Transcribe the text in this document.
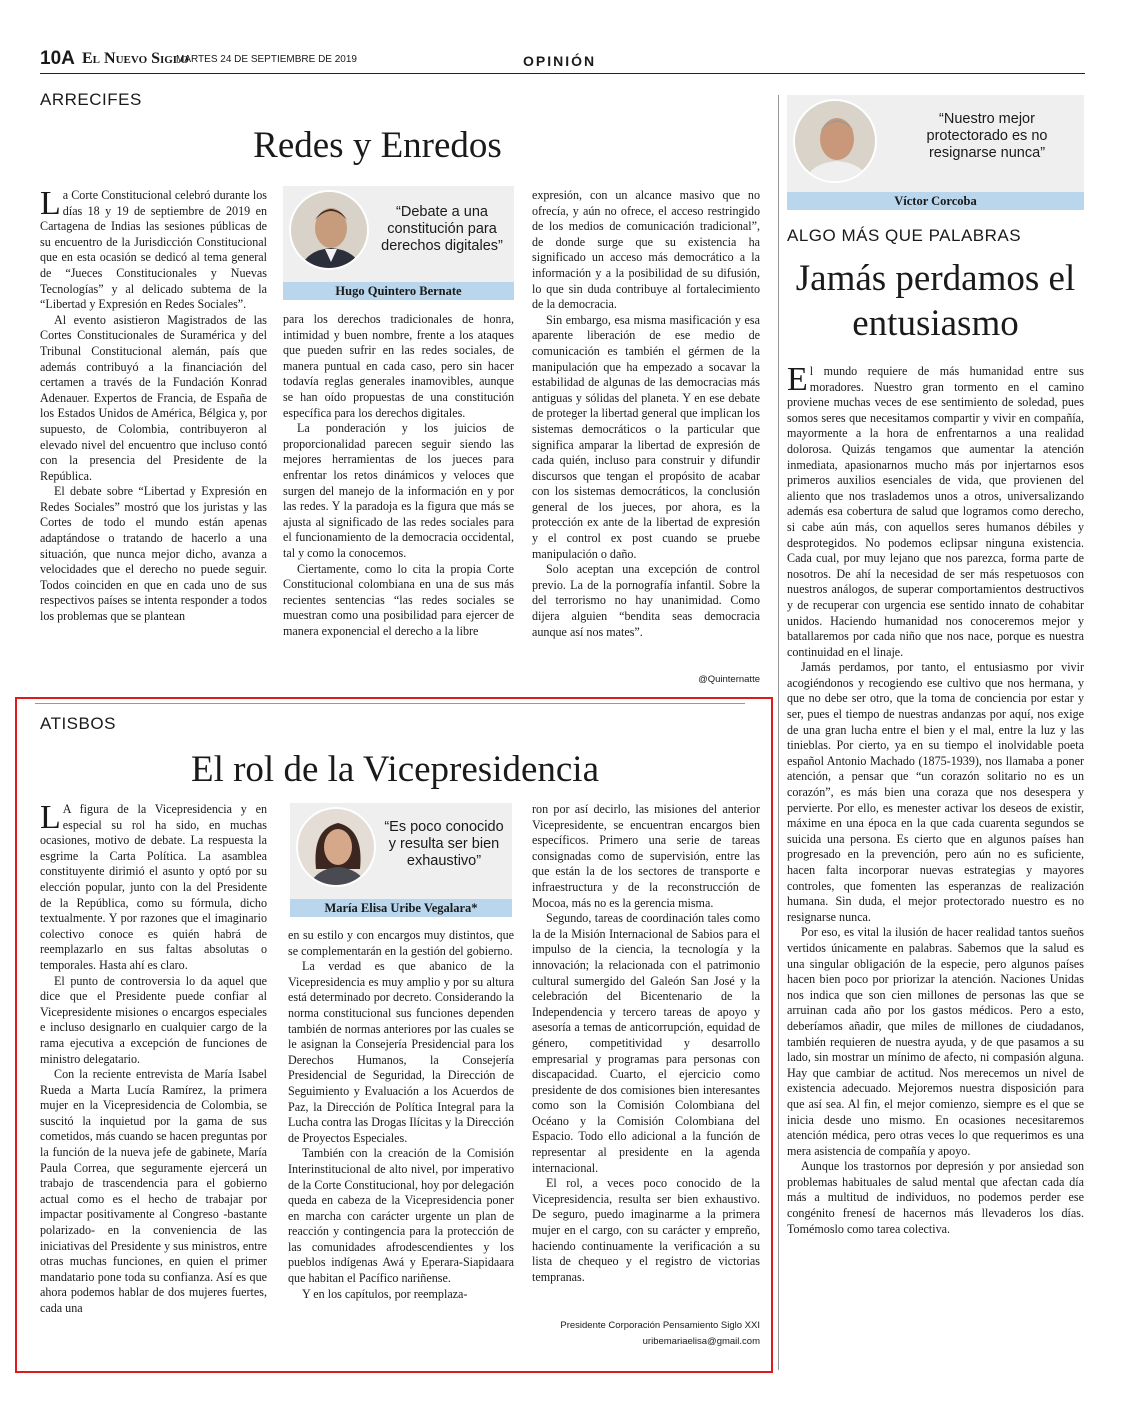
10A El Nuevo Siglo
MARTES 24 DE SEPTIEMBRE DE 2019	OPINIÓN
ARRECIFES
Redes y Enredos
L a Corte Constitucional celebró durante los días 18 y 19 de septiembre de 2019 en Cartagena de Indias las sesiones públicas de su encuentro de la Jurisdicción Constitucional que en esta ocasión se dedicó al tema general de “Jueces Constitucionales y Nuevas Tecnologías” y al delicado subtema de la “Libertad y Expresión en Redes Sociales”.

Al evento asistieron Magistrados de las Cortes Constitucionales de Suramérica y del Tribunal Constitucional alemán, país que además contribuyó a la financiación del certamen a través de la Fundación Konrad Adenauer. Expertos de Francia, de España de los Estados Unidos de América, Bélgica y, por supuesto, de Colombia, contribuyeron al elevado nivel del encuentro que incluso contó con la presencia del Presidente de la República.

El debate sobre “Libertad y Expresión en Redes Sociales” mostró que los juristas y las Cortes de todo el mundo están apenas adaptándose o tratando de hacerlo a una situación, que nunca mejor dicho, avanza a velocidades que el derecho no puede seguir. Todos coinciden en que en cada uno de sus respectivos países se intenta responder a todos los problemas que se plantean

“Debate a una constitución para derechos digitales”
Hugo Quintero Bernate

para los derechos tradicionales de honra, intimidad y buen nombre, frente a los ataques que pueden sufrir en las redes sociales, de manera puntual en cada caso, pero sin hacer todavía reglas generales inamovibles, aunque se han oído propuestas de una constitución específica para los derechos digitales.

La ponderación y los juicios de proporcionalidad parecen seguir siendo las mejores herramientas de los jueces para enfrentar los retos dinámicos y veloces que surgen del manejo de la información en y por las redes. Y la paradoja es la figura que más se ajusta al significado de las redes sociales para el funcionamiento de la democracia occidental, tal y como la conocemos.

Ciertamente, como lo cita la propia Corte Constitucional colombiana en una de sus más recientes sentencias “las redes sociales se muestran como una posibilidad para ejercer de manera exponencial el derecho a la libre

expresión, con un alcance masivo que no ofrecía, y aún no ofrece, el acceso restringido de los medios de comunicación tradicional”, de donde surge que su existencia ha significado un acceso más democrático a la información y a la posibilidad de su difusión, lo que sin duda contribuye al fortalecimiento de la democracia.

Sin embargo, esa misma masificación y esa aparente liberación de ese medio de comunicación es también el gérmen de la manipulación que ha empezado a socavar la estabilidad de algunas de las democracias más antiguas y sólidas del planeta. Y en ese debate de proteger la libertad general que implican los sistemas democráticos o la particular que significa amparar la libertad de expresión de cada quién, incluso para construir y difundir discursos que tengan el propósito de acabar con los sistemas democráticos, la conclusión general de los jueces, por ahora, es la protección ex ante de la libertad de expresión y el control ex post cuando se pruebe manipulación o daño.

Solo aceptan una excepción de control previo. La de la pornografía infantil. Sobre la del terrorismo no hay unanimidad. Como dijera alguien “bendita seas democracia aunque así nos mates”.

@Quinternatte
ATISBOS
El rol de la Vicepresidencia
L A figura de la Vicepresidencia y en especial su rol ha sido, en muchas ocasiones, motivo de debate. La respuesta la esgrime la Carta Política. La asamblea constituyente dirimió el asunto y optó por su elección popular, junto con la del Presidente de la República, como su fórmula, dicho textualmente. Y por razones que el imaginario colectivo conoce es quién habrá de reemplazarlo en sus faltas absolutas o temporales. Hasta ahí es claro.

El punto de controversia lo da aquel que dice que el Presidente puede confiar al Vicepresidente misiones o encargos especiales e incluso designarlo en cualquier cargo de la rama ejecutiva a excepción de funciones de ministro delegatario.

Con la reciente entrevista de María Isabel Rueda a Marta Lucía Ramírez, la primera mujer en la Vicepresidencia de Colombia, se suscitó la inquietud por la gama de sus cometidos, más cuando se hacen preguntas por la función de la nueva jefe de gabinete, María Paula Correa, que seguramente ejercerá un trabajo de trascendencia para el gobierno actual como es el hecho de trabajar por impactar positivamente al Congreso -bastante polarizado- en la conveniencia de las iniciativas del Presidente y sus ministros, entre otras muchas funciones, en quien el primer mandatario pone toda su confianza. Así es que ahora podemos hablar de dos mujeres fuertes, cada una

“Es poco conocido y resulta ser bien exhaustivo”
María Elisa Uribe Vegalara*

en su estilo y con encargos muy distintos, que se complementarán en la gestión del gobierno.

La verdad es que abanico de la Vicepresidencia es muy amplio y por su altura está determinado por decreto. Considerando la norma constitucional sus funciones dependen también de normas anteriores por las cuales se le asignan la Consejería Presidencial para los Derechos Humanos, la Consejería Presidencial de Seguridad, la Dirección de Seguimiento y Evaluación a los Acuerdos de Paz, la Dirección de Política Integral para la Lucha contra las Drogas Ilícitas y la Dirección de Proyectos Especiales.

También con la creación de la Comisión Interinstitucional de alto nivel, por imperativo de la Corte Constitucional, hoy por delegación queda en cabeza de la Vicepresidencia poner en marcha con carácter urgente un plan de reacción y contingencia para la protección de las comunidades afrodescendientes y los pueblos indígenas Awá y Eperara-Siapidaara que habitan el Pacífico nariñense.

Y en los capítulos, por reemplaza-

ron por así decirlo, las misiones del anterior Vicepresidente, se encuentran encargos bien específicos. Primero una serie de tareas consignadas como de supervisión, entre las que están la de los sectores de transporte e infraestructura y de la reconstrucción de Mocoa, más no es la gerencia misma.

Segundo, tareas de coordinación tales como la de la Misión Internacional de Sabios para el impulso de la ciencia, la tecnología y la innovación; la relacionada con el patrimonio cultural sumergido del Galeón San José y la celebración del Bicentenario de la Independencia y tercero tareas de apoyo y asesoría a temas de anticorrupción, equidad de género, competitividad y desarrollo empresarial y programas para personas con discapacidad. Cuarto, el ejercicio como presidente de dos comisiones bien interesantes como son la Comisión Colombiana del Océano y la Comisión Colombiana del Espacio. Todo ello adicional a la función de representar al presidente en la agenda internacional.

El rol, a veces poco conocido de la Vicepresidencia, resulta ser bien exhaustivo. De seguro, puedo imaginarme a la primera mujer en el cargo, con su carácter y empreño, haciendo continuamente la verificación a su lista de chequeo y el registro de victorias tempranas.

Presidente Corporación Pensamiento Siglo XXI
uribemariaelisa@gmail.com
“Nuestro mejor protectorado es no resignarse nunca”
Víctor Corcoba
ALGO MÁS QUE PALABRAS
Jamás perdamos el entusiasmo
E l mundo requiere de más humanidad entre sus moradores. Nuestro gran tormento en el camino proviene muchas veces de ese sentimiento de soledad, pues somos seres que necesitamos compartir y vivir en compañía, mayormente a la hora de enfrentarnos a una realidad dolorosa. Quizás tengamos que aumentar la atención inmediata, apasionarnos mucho más por injertarnos esos primeros auxilios esenciales de vida, que provienen del aliento que nos traslademos unos a otros, universalizando además esa cobertura de salud que logramos como derecho, si cabe aún más, con aquellos seres humanos débiles y desprotegidos. No podemos eclipsar ninguna existencia. Cada cual, por muy lejano que nos parezca, forma parte de nosotros. De ahí la necesidad de ser más respetuosos con nuestros análogos, de superar comportamientos destructivos y de recuperar con urgencia ese sentido innato de cohabitar unidos. Haciendo humanidad nos conoceremos mejor y batallaremos por cada niño que nos nace, porque es nuestra continuidad en el linaje.

Jamás perdamos, por tanto, el entusiasmo por vivir acogiéndonos y recogiendo ese cultivo que nos hermana, y que no debe ser otro, que la toma de conciencia por estar y ser, pues el tiempo de nuestras andanzas por aquí, nos exige de una gran lucha entre el bien y el mal, entre la luz y las tinieblas. Por cierto, ya en su tiempo el inolvidable poeta español Antonio Machado (1875-1939), nos llamaba a poner atención, a pensar que “un corazón solitario no es un corazón”, es más bien una coraza que nos desespera y pervierte. Por ello, es menester activar los deseos de existir, máxime en una época en la que cada cuarenta segundos se suicida una persona. Es cierto que en algunos países han progresado en la prevención, pero aún no es suficiente, hacen falta incorporar nuevas estrategias y mayores controles, que fomenten las esperanzas de realización humana. Sin duda, el mejor protectorado nuestro es no resignarse nunca.

Por eso, es vital la ilusión de hacer realidad tantos sueños vertidos únicamente en palabras. Sabemos que la salud es una singular obligación de la especie, pero algunos países hacen bien poco por priorizar la atención. Naciones Unidas nos indica que son cien millones de personas las que se arruinan cada año por los gastos médicos. Pero a esto, deberíamos añadir, que miles de millones de ciudadanos, también requieren de nuestra ayuda, y de que pasamos a su lado, sin mostrar un mínimo de afecto, ni compasión alguna. Hay que cambiar de actitud. Nos merecemos un nivel de existencia adecuado. Mejoremos nuestra disposición para que así sea. Al fin, el mejor comienzo, siempre es el que se inicia desde uno mismo. En ocasiones necesitaremos atención médica, pero otras veces lo que requerimos es una mera asistencia de compañía y apoyo.

Aunque los trastornos por depresión y por ansiedad son problemas habituales de salud mental que afectan cada día más a multitud de individuos, no podemos perder ese congénito frenesí de hacernos más llevaderos los días. Tomémoslo como tarea colectiva.
